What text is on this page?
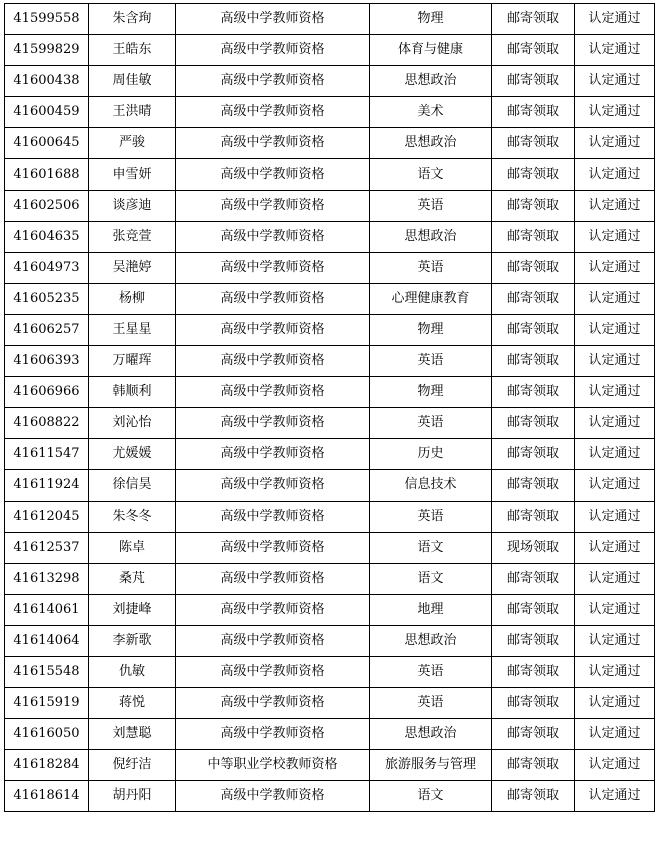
41599558	朱含珣	高级中学教师资格	物理	邮寄领取	认定通过
41599829	王皓东	高级中学教师资格	体育与健康	邮寄领取	认定通过
41600438	周佳敏	高级中学教师资格	思想政治	邮寄领取	认定通过
41600459	王洪晴	高级中学教师资格	美术	邮寄领取	认定通过
41600645	严骏	高级中学教师资格	思想政治	邮寄领取	认定通过
41601688	申雪妍	高级中学教师资格	语文	邮寄领取	认定通过
41602506	谈彦迪	高级中学教师资格	英语	邮寄领取	认定通过
41604635	张竞萱	高级中学教师资格	思想政治	邮寄领取	认定通过
41604973	吴滟婷	高级中学教师资格	英语	邮寄领取	认定通过
41605235	杨柳	高级中学教师资格	心理健康教育	邮寄领取	认定通过
41606257	王星星	高级中学教师资格	物理	邮寄领取	认定通过
41606393	万曜珲	高级中学教师资格	英语	邮寄领取	认定通过
41606966	韩顺利	高级中学教师资格	物理	邮寄领取	认定通过
41608822	刘沁怡	高级中学教师资格	英语	邮寄领取	认定通过
41611547	尤媛媛	高级中学教师资格	历史	邮寄领取	认定通过
41611924	徐信昊	高级中学教师资格	信息技术	邮寄领取	认定通过
41612045	朱冬冬	高级中学教师资格	英语	邮寄领取	认定通过
41612537	陈卓	高级中学教师资格	语文	现场领取	认定通过
41613298	桑芃	高级中学教师资格	语文	邮寄领取	认定通过
41614061	刘捷峰	高级中学教师资格	地理	邮寄领取	认定通过
41614064	李新歌	高级中学教师资格	思想政治	邮寄领取	认定通过
41615548	仇敏	高级中学教师资格	英语	邮寄领取	认定通过
41615919	蒋悦	高级中学教师资格	英语	邮寄领取	认定通过
41616050	刘慧聪	高级中学教师资格	思想政治	邮寄领取	认定通过
41618284	倪纡洁	中等职业学校教师资格	旅游服务与管理	邮寄领取	认定通过
41618614	胡丹阳	高级中学教师资格	语文	邮寄领取	认定通过
